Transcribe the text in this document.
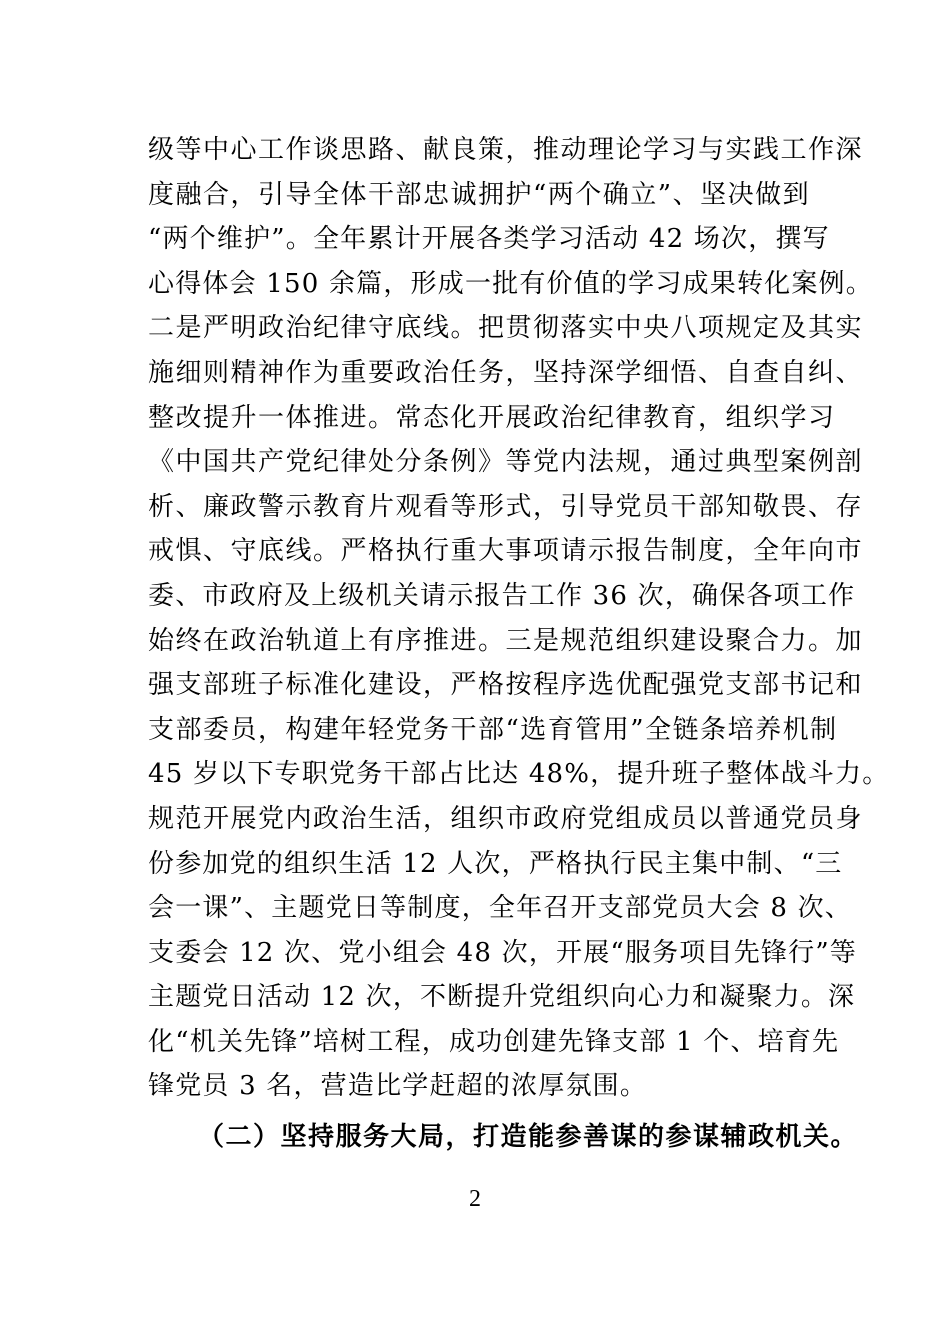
级等中心工作谈思路、献良策，推动理论学习与实践工作深
度融合，引导全体干部忠诚拥护“两个确立”、坚决做到
“两个维护”。全年累计开展各类学习活动 42 场次，撰写
心得体会 150 余篇，形成一批有价值的学习成果转化案例。
二是严明政治纪律守底线。把贯彻落实中央八项规定及其实
施细则精神作为重要政治任务，坚持深学细悟、自查自纠、
整改提升一体推进。常态化开展政治纪律教育，组织学习
《中国共产党纪律处分条例》等党内法规，通过典型案例剖
析、廉政警示教育片观看等形式，引导党员干部知敬畏、存
戒惧、守底线。严格执行重大事项请示报告制度，全年向市
委、市政府及上级机关请示报告工作 36 次，确保各项工作
始终在政治轨道上有序推进。三是规范组织建设聚合力。加
强支部班子标准化建设，严格按程序选优配强党支部书记和
支部委员，构建年轻党务干部“选育管用”全链条培养机制
45 岁以下专职党务干部占比达 48%，提升班子整体战斗力。
规范开展党内政治生活，组织市政府党组成员以普通党员身
份参加党的组织生活 12 人次，严格执行民主集中制、“三
会一课”、主题党日等制度，全年召开支部党员大会 8 次、
支委会 12 次、党小组会 48 次，开展“服务项目先锋行”等
主题党日活动 12 次，不断提升党组织向心力和凝聚力。深
化“机关先锋”培树工程，成功创建先锋支部 1 个、培育先
锋党员 3 名，营造比学赶超的浓厚氛围。
（二）坚持服务大局，打造能参善谋的参谋辅政机关。
2
